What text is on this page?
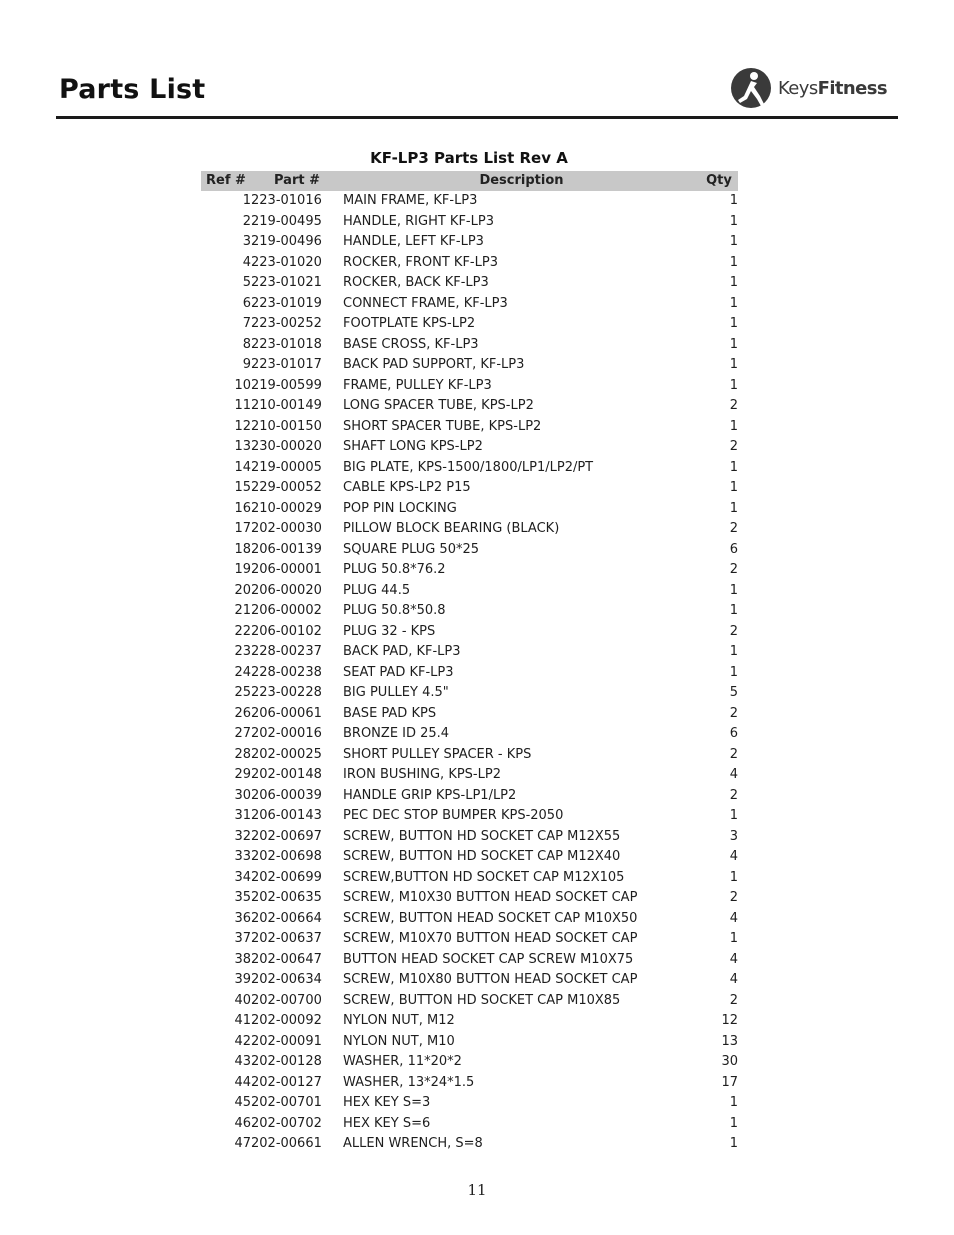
Parts List	KeysFitness
KF-LP3 Parts List Rev A
Ref #	Part #	Description	Qty
1	223-01016	MAIN FRAME, KF-LP3	1
2	219-00495	HANDLE, RIGHT KF-LP3	1
3	219-00496	HANDLE, LEFT KF-LP3	1
4	223-01020	ROCKER, FRONT KF-LP3	1
5	223-01021	ROCKER, BACK KF-LP3	1
6	223-01019	CONNECT FRAME, KF-LP3	1
7	223-00252	FOOTPLATE KPS-LP2	1
8	223-01018	BASE CROSS, KF-LP3	1
9	223-01017	BACK PAD SUPPORT, KF-LP3	1
10	219-00599	FRAME, PULLEY KF-LP3	1
11	210-00149	LONG SPACER TUBE, KPS-LP2	2
12	210-00150	SHORT SPACER TUBE, KPS-LP2	1
13	230-00020	SHAFT LONG KPS-LP2	2
14	219-00005	BIG PLATE, KPS-1500/1800/LP1/LP2/PT	1
15	229-00052	CABLE KPS-LP2 P15	1
16	210-00029	POP PIN LOCKING	1
17	202-00030	PILLOW BLOCK BEARING (BLACK)	2
18	206-00139	SQUARE PLUG 50*25	6
19	206-00001	PLUG 50.8*76.2	2
20	206-00020	PLUG 44.5	1
21	206-00002	PLUG 50.8*50.8	1
22	206-00102	PLUG 32 - KPS	2
23	228-00237	BACK PAD, KF-LP3	1
24	228-00238	SEAT PAD KF-LP3	1
25	223-00228	BIG PULLEY 4.5"	5
26	206-00061	BASE PAD KPS	2
27	202-00016	BRONZE ID 25.4	6
28	202-00025	SHORT PULLEY SPACER - KPS	2
29	202-00148	IRON BUSHING, KPS-LP2	4
30	206-00039	HANDLE GRIP KPS-LP1/LP2	2
31	206-00143	PEC DEC STOP BUMPER KPS-2050	1
32	202-00697	SCREW, BUTTON HD SOCKET CAP M12X55	3
33	202-00698	SCREW, BUTTON HD SOCKET CAP M12X40	4
34	202-00699	SCREW,BUTTON HD SOCKET CAP M12X105	1
35	202-00635	SCREW, M10X30 BUTTON HEAD SOCKET CAP	2
36	202-00664	SCREW, BUTTON HEAD SOCKET CAP M10X50	4
37	202-00637	SCREW, M10X70 BUTTON HEAD SOCKET CAP	1
38	202-00647	BUTTON HEAD SOCKET CAP SCREW M10X75	4
39	202-00634	SCREW, M10X80 BUTTON HEAD SOCKET CAP	4
40	202-00700	SCREW, BUTTON HD SOCKET CAP M10X85	2
41	202-00092	NYLON NUT, M12	12
42	202-00091	NYLON NUT, M10	13
43	202-00128	WASHER, 11*20*2	30
44	202-00127	WASHER, 13*24*1.5	17
45	202-00701	HEX KEY S=3	1
46	202-00702	HEX KEY S=6	1
47	202-00661	ALLEN WRENCH, S=8	1
11
